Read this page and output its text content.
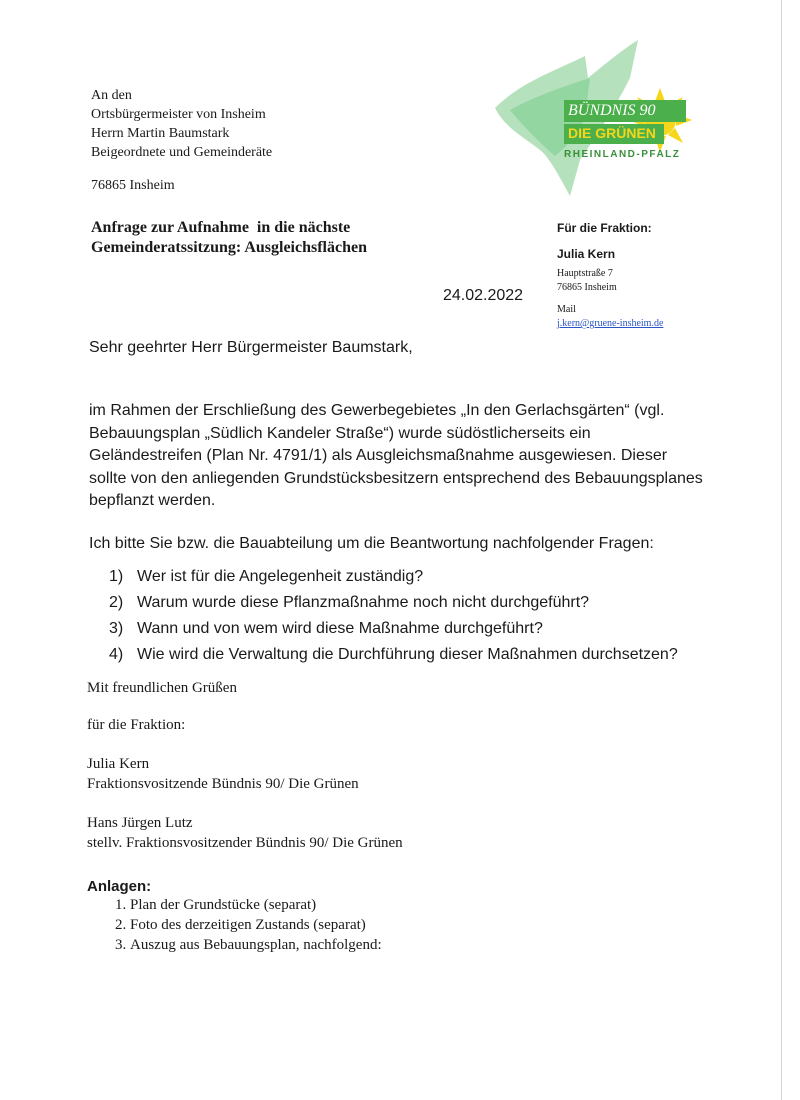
BÜNDNIS 90
DIE GRÜNEN
RHEINLAND-PFALZ
An den
Ortsbürgermeister von Insheim
Herrn Martin Baumstark
Beigeordnete und Gemeinderäte
76865 Insheim
Anfrage zur Aufnahme  in die nächste
Gemeinderatssitzung: Ausgleichsflächen
24.02.2022
Für die Fraktion:
Julia Kern
Hauptstraße 7
76865 Insheim
Mail
j.kern@gruene-insheim.de
Sehr geehrter Herr Bürgermeister Baumstark,
im Rahmen der Erschließung des Gewerbegebietes „In den Gerlachsgärten“ (vgl.
Bebauungsplan „Südlich Kandeler Straße“) wurde südöstlicherseits ein
Geländestreifen (Plan Nr. 4791/1) als Ausgleichsmaßnahme ausgewiesen. Dieser
sollte von den anliegenden Grundstücksbesitzern entsprechend des Bebauungsplanes
bepflanzt werden.
Ich bitte Sie bzw. die Bauabteilung um die Beantwortung nachfolgender Fragen:
1) Wer ist für die Angelegenheit zuständig?
2) Warum wurde diese Pflanzmaßnahme noch nicht durchgeführt?
3) Wann und von wem wird diese Maßnahme durchgeführt?
4) Wie wird die Verwaltung die Durchführung dieser Maßnahmen durchsetzen?
Mit freundlichen Grüßen
für die Fraktion:
Julia Kern
Fraktionsvositzende Bündnis 90/ Die Grünen
Hans Jürgen Lutz
stellv. Fraktionsvositzender Bündnis 90/ Die Grünen
Anlagen:
1. Plan der Grundstücke (separat)
2. Foto des derzeitigen Zustands (separat)
3. Auszug aus Bebauungsplan, nachfolgend:
